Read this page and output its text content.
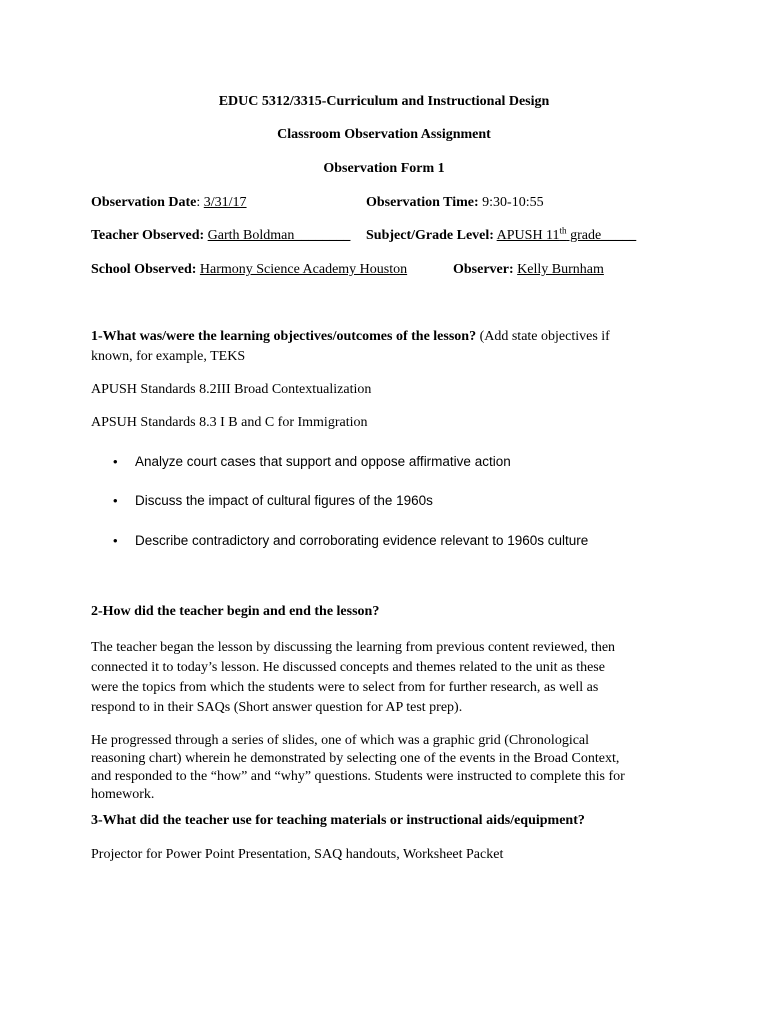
EDUC 5312/3315-Curriculum and Instructional Design
Classroom Observation Assignment
Observation Form 1
Observation Date: 3/31/17	Observation Time: 9:30-10:55
Teacher Observed: Garth Boldman________ Subject/Grade Level: APUSH 11th grade_____
School Observed: Harmony Science Academy Houston	Observer: Kelly Burnham

1-What was/were the learning objectives/outcomes of the lesson? (Add state objectives if
known, for example, TEKS

APUSH Standards 8.2III Broad Contextualization
APSUH Standards 8.3 I B and C for Immigration
• Analyze court cases that support and oppose affirmative action
• Discuss the impact of cultural figures of the 1960s
• Describe contradictory and corroborating evidence relevant to 1960s culture
2-How did the teacher begin and end the lesson?

The teacher began the lesson by discussing the learning from previous content reviewed, then
connected it to today’s lesson. He discussed concepts and themes related to the unit as these
were the topics from which the students were to select from for further research, as well as
respond to in their SAQs (Short answer question for AP test prep).

He progressed through a series of slides, one of which was a graphic grid (Chronological
reasoning chart) wherein he demonstrated by selecting one of the events in the Broad Context,
and responded to the “how” and “why” questions. Students were instructed to complete this for
homework.

3-What did the teacher use for teaching materials or instructional aids/equipment?
Projector for Power Point Presentation, SAQ handouts, Worksheet Packet
